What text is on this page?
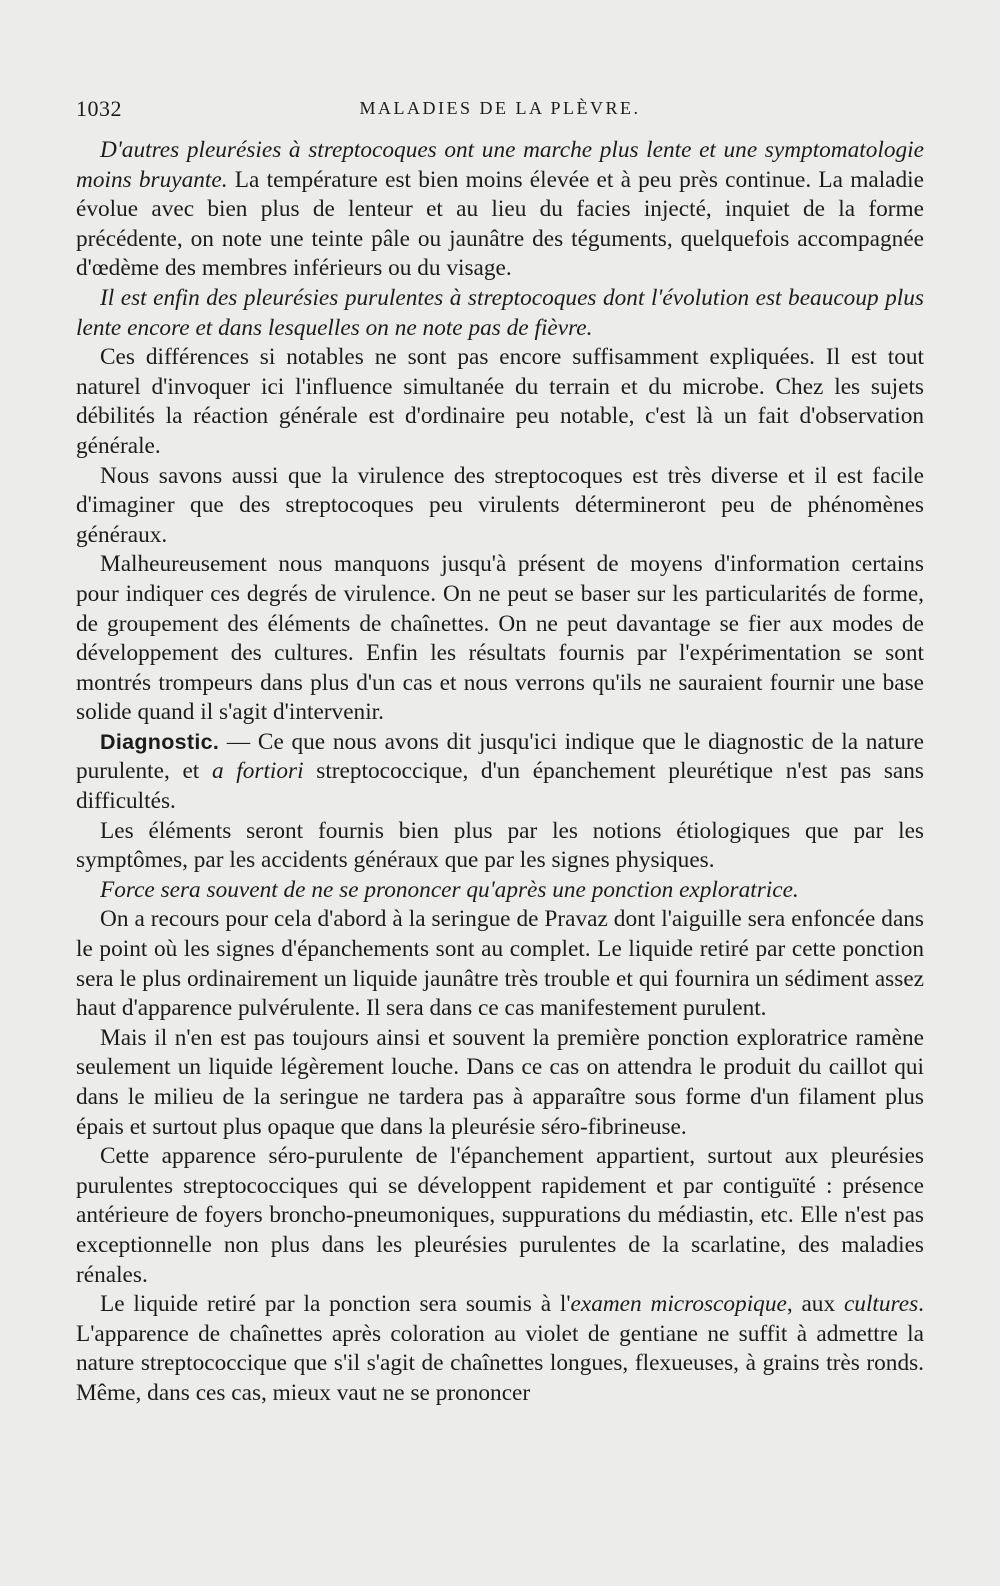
1032	MALADIES DE LA PLÈVRE.

D'autres pleurésies à streptocoques ont une marche plus lente et une symptomatologie moins bruyante. La température est bien moins élevée et à peu près continue. La maladie évolue avec bien plus de lenteur et au lieu du facies injecté, inquiet de la forme précédente, on note une teinte pâle ou jaunâtre des téguments, quelquefois accompagnée d'œdème des membres inférieurs ou du visage.

Il est enfin des pleurésies purulentes à streptocoques dont l'évolution est beaucoup plus lente encore et dans lesquelles on ne note pas de fièvre.

Ces différences si notables ne sont pas encore suffisamment expliquées. Il est tout naturel d'invoquer ici l'influence simultanée du terrain et du microbe. Chez les sujets débilités la réaction générale est d'ordinaire peu notable, c'est là un fait d'observation générale.

Nous savons aussi que la virulence des streptocoques est très diverse et il est facile d'imaginer que des streptocoques peu virulents détermineront peu de phénomènes généraux.

Malheureusement nous manquons jusqu'à présent de moyens d'information certains pour indiquer ces degrés de virulence. On ne peut se baser sur les particularités de forme, de groupement des éléments de chaînettes. On ne peut davantage se fier aux modes de développement des cultures. Enfin les résultats fournis par l'expérimentation se sont montrés trompeurs dans plus d'un cas et nous verrons qu'ils ne sauraient fournir une base solide quand il s'agit d'intervenir.

Diagnostic. — Ce que nous avons dit jusqu'ici indique que le diagnostic de la nature purulente, et a fortiori streptococcique, d'un épanchement pleurétique n'est pas sans difficultés.

Les éléments seront fournis bien plus par les notions étiologiques que par les symptômes, par les accidents généraux que par les signes physiques.

Force sera souvent de ne se prononcer qu'après une ponction exploratrice.

On a recours pour cela d'abord à la seringue de Pravaz dont l'aiguille sera enfoncée dans le point où les signes d'épanchements sont au complet. Le liquide retiré par cette ponction sera le plus ordinairement un liquide jaunâtre très trouble et qui fournira un sédiment assez haut d'apparence pulvérulente. Il sera dans ce cas manifestement purulent.

Mais il n'en est pas toujours ainsi et souvent la première ponction exploratrice ramène seulement un liquide légèrement louche. Dans ce cas on attendra le produit du caillot qui dans le milieu de la seringue ne tardera pas à apparaître sous forme d'un filament plus épais et surtout plus opaque que dans la pleurésie séro-fibrineuse.

Cette apparence séro-purulente de l'épanchement appartient, surtout aux pleurésies purulentes streptococciques qui se développent rapidement et par contiguïté : présence antérieure de foyers broncho-pneumoniques, suppurations du médiastin, etc. Elle n'est pas exceptionnelle non plus dans les pleurésies purulentes de la scarlatine, des maladies rénales.

Le liquide retiré par la ponction sera soumis à l'examen microscopique, aux cultures. L'apparence de chaînettes après coloration au violet de gentiane ne suffit à admettre la nature streptococcique que s'il s'agit de chaînettes longues, flexueuses, à grains très ronds. Même, dans ces cas, mieux vaut ne se prononcer
